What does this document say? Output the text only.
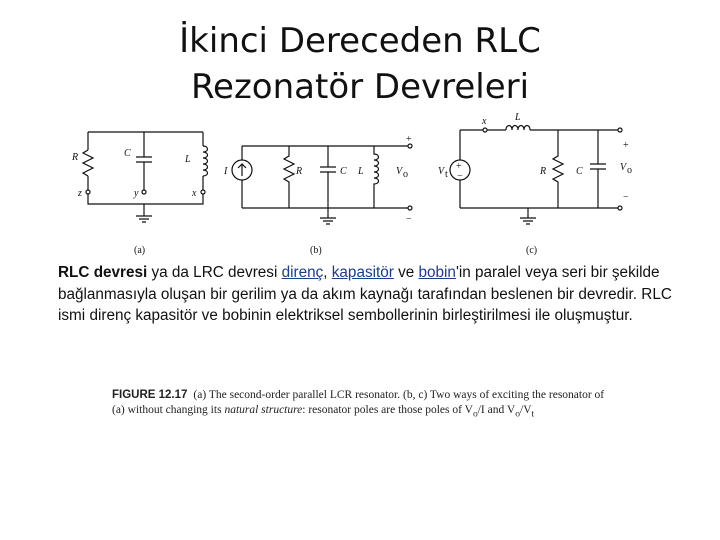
İkinci Dereceden RLC
Rezonatör Devreleri
R	C
L
z	y	x
(a)
I	R	C L	V o
+
−
(b)
x	L
V t
+
−	R	C	V o
+
−
(c)
RLC devresi ya da LRC devresi direnç, kapasitör ve bobin'in paralel veya seri bir şekilde bağlanmasıyla oluşan bir gerilim ya da akım kaynağı tarafından beslenen bir devredir. RLC ismi direnç kapasitör ve bobinin elektriksel sembollerinin birleştirilmesi ile oluşmuştur.
FIGURE 12.17 (a) The second-order parallel LCR resonator. (b, c) Two ways of exciting the resonator of
(a) without changing its natural structure: resonator poles are those poles of $V_o/I$ and $V_o/V_t$
